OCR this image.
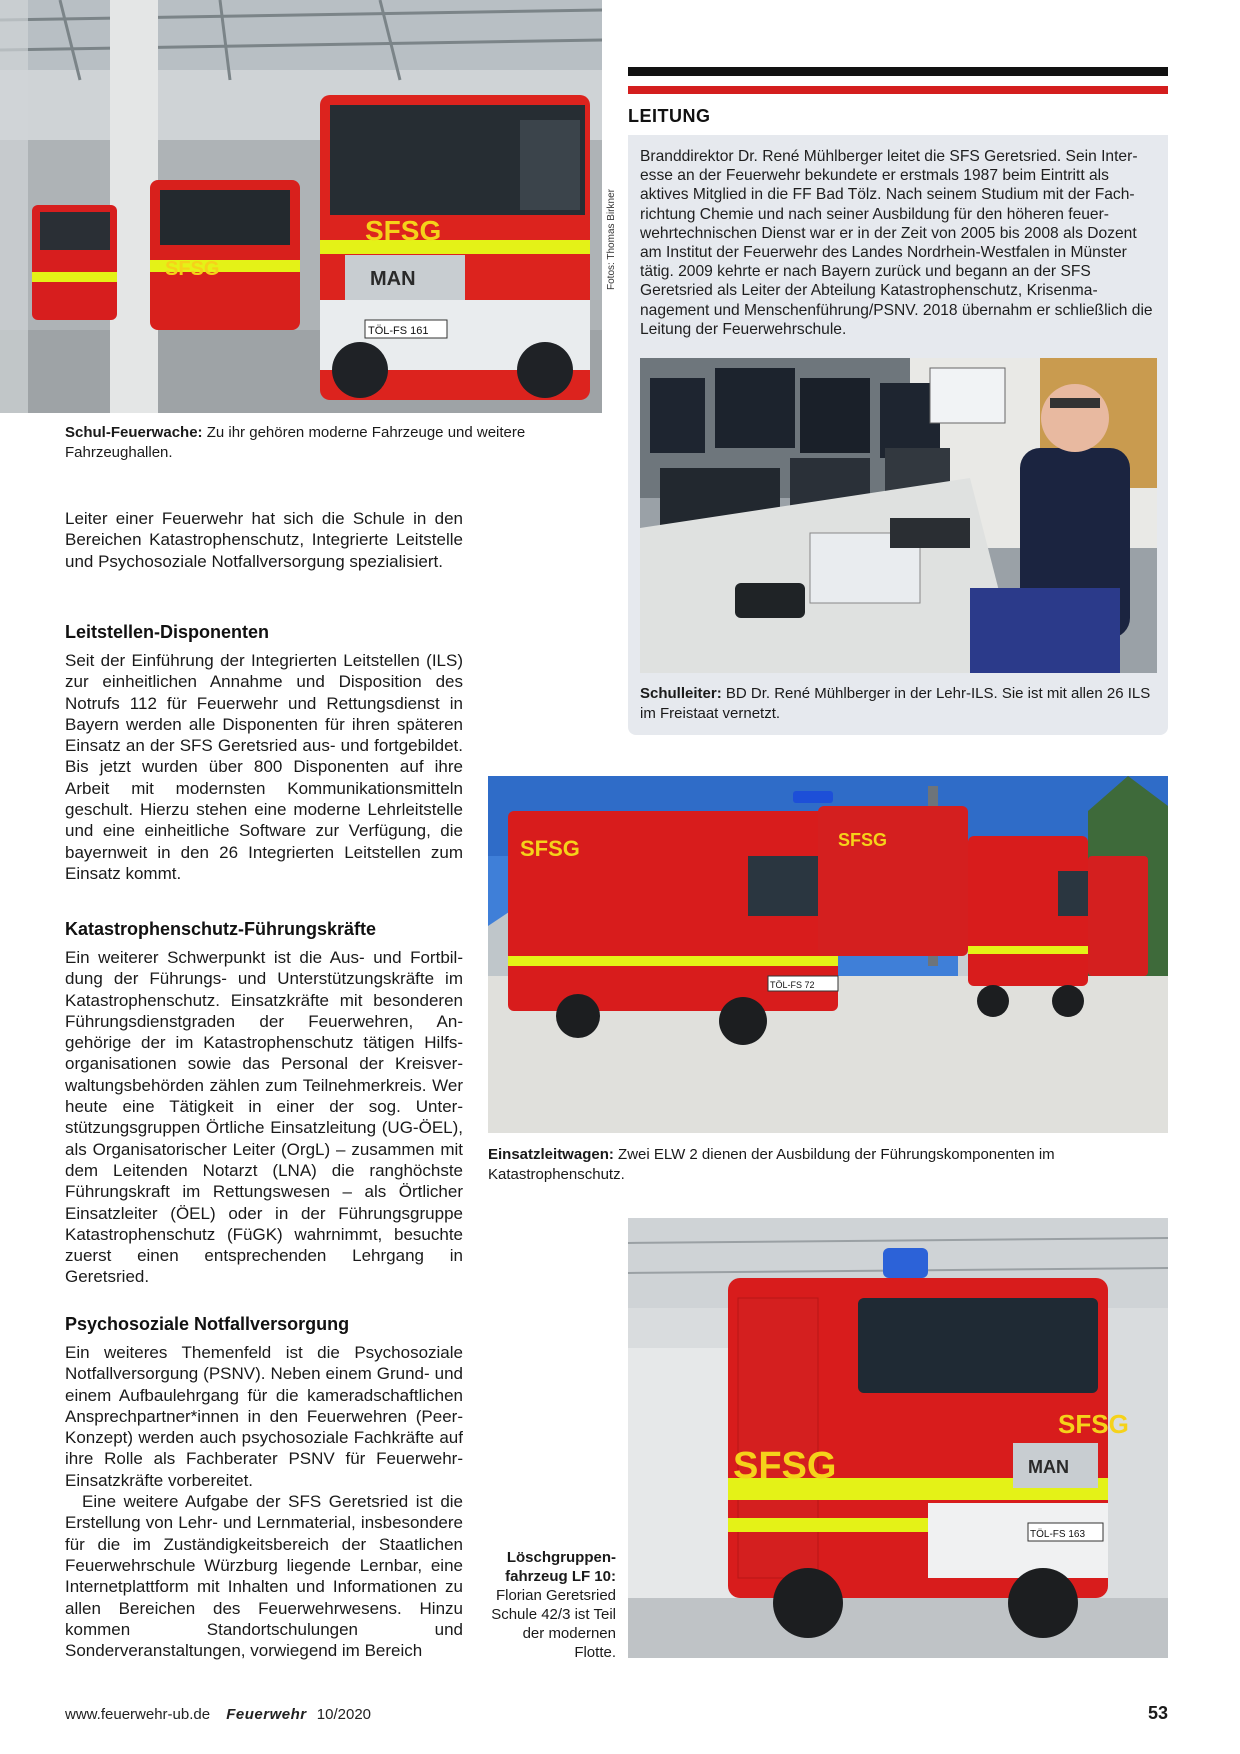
SFSG
SFSG
MAN
TÖL-FS 161
Fotos: Thomas Birkner
Schul-Feuerwache: Zu ihr gehören moderne Fahrzeuge und weitere Fahrzeughallen.

Leiter einer Feuerwehr hat sich die Schule in den Bereichen Katastrophenschutz, Integrierte Leitstelle und Psychosoziale Notfallversorgung spezialisiert.

Leitstellen-Disponenten

Seit der Einführung der Integrierten Leitstellen (ILS) zur einheitlichen Annahme und Disposition des Notrufs 112 für Feuerwehr und Rettungsdienst in Bayern werden alle Disponenten für ihren späteren Einsatz an der SFS Geretsried aus- und fortgebildet. Bis jetzt wurden über 800 Disponenten auf ihre Arbeit mit modernsten Kommunikationsmitteln geschult. Hierzu stehen eine moderne Lehrleitstelle und eine einheitliche Software zur Verfügung, die bayernweit in den 26 Integrierten Leitstellen zum Einsatz kommt.

Katastrophenschutz-Führungskräfte

Ein weiterer Schwerpunkt ist die Aus- und Fortbildung der Führungs- und Unterstützungskräfte im Katastrophenschutz. Einsatzkräfte mit besonderen Führungsdienstgraden der Feuerwehren, Angehörige der im Katastrophenschutz tätigen Hilfsorganisationen sowie das Personal der Kreisverwaltungsbehörden zählen zum Teilnehmerkreis. Wer heute eine Tätigkeit in einer der sog. Unterstützungsgruppen Örtliche Einsatzleitung (UG-ÖEL), als Organisatorischer Leiter (OrgL) – zusammen mit dem Leitenden Notarzt (LNA) die ranghöchste Führungskraft im Rettungswesen – als Örtlicher Einsatzleiter (ÖEL) oder in der Führungsgruppe Katastrophenschutz (FüGK) wahrnimmt, besuchte zuerst einen entsprechenden Lehrgang in Geretsried.

Psychosoziale Notfallversorgung

Ein weiteres Themenfeld ist die Psychosoziale Notfallversorgung (PSNV). Neben einem Grund- und einem Aufbaulehrgang für die kameradschaftlichen Ansprechpartner*innen in den Feuerwehren (Peer-Konzept) werden auch psychosoziale Fachkräfte auf ihre Rolle als Fachberater PSNV für Feuerwehr-Einsatzkräfte vorbereitet.

Eine weitere Aufgabe der SFS Geretsried ist die Erstellung von Lehr- und Lernmaterial, insbesondere für die im Zuständigkeitsbereich der Staatlichen Feuerwehrschule Würzburg liegende Lernbar, eine Internetplattform mit Inhalten und Informationen zu allen Bereichen des Feuerwehrwesens. Hinzu kommen Standortschulungen und Sonderveranstaltungen, vorwiegend im Bereich

LEITUNG
Branddirektor Dr. René Mühlberger leitet die SFS Geretsried. Sein Interesse an der Feuerwehr bekundete er erstmals 1987 beim Eintritt als aktives Mitglied in die FF Bad Tölz. Nach seinem Studium mit der Fachrichtung Chemie und nach seiner Ausbildung für den höheren feuerwehrtechnischen Dienst war er in der Zeit von 2005 bis 2008 als Dozent am Institut der Feuerwehr des Landes Nordrhein-Westfalen in Münster tätig. 2009 kehrte er nach Bayern zurück und begann an der SFS Geretsried als Leiter der Abteilung Katastrophenschutz, Krisenmanagement und Menschenführung/PSNV. 2018 übernahm er schließlich die Leitung der Feuerwehrschule.
Schulleiter: BD Dr. René Mühlberger in der Lehr-ILS. Sie ist mit allen 26 ILS im Freistaat vernetzt.
SFSG
TÖL-FS 72
SFSG
Einsatzleitwagen: Zwei ELW 2 dienen der Ausbildung der Führungskomponenten im Katastrophenschutz.
SFSG
SFSG
MAN
TÖL-FS 163
Löschgruppenfahrzeug LF 10:
Florian Geretsried Schule 42/3 ist Teil der modernen Flotte.
www.feuerwehr-ub.de Feuerwehr 10/2020	53
